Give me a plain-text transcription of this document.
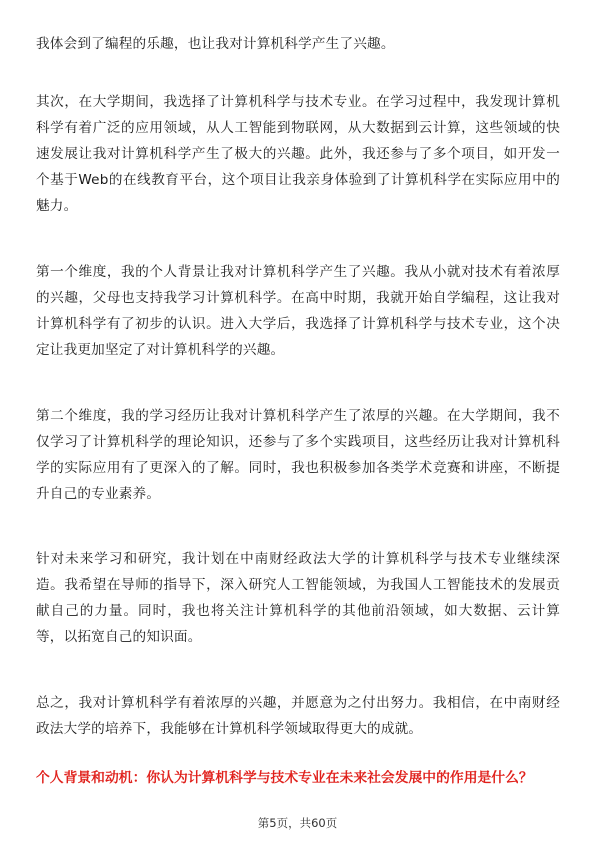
我体会到了编程的乐趣，也让我对计算机科学产生了兴趣。

其次，在大学期间，我选择了计算机科学与技术专业。在学习过程中，我发现计算机科学有着广泛的应用领域，从人工智能到物联网，从大数据到云计算，这些领域的快速发展让我对计算机科学产生了极大的兴趣。此外，我还参与了多个项目，如开发一个基于Web的在线教育平台，这个项目让我亲身体验到了计算机科学在实际应用中的魅力。

第一个维度，我的个人背景让我对计算机科学产生了兴趣。我从小就对技术有着浓厚的兴趣，父母也支持我学习计算机科学。在高中时期，我就开始自学编程，这让我对计算机科学有了初步的认识。进入大学后，我选择了计算机科学与技术专业，这个决定让我更加坚定了对计算机科学的兴趣。

第二个维度，我的学习经历让我对计算机科学产生了浓厚的兴趣。在大学期间，我不仅学习了计算机科学的理论知识，还参与了多个实践项目，这些经历让我对计算机科学的实际应用有了更深入的了解。同时，我也积极参加各类学术竞赛和讲座，不断提升自己的专业素养。

针对未来学习和研究，我计划在中南财经政法大学的计算机科学与技术专业继续深造。我希望在导师的指导下，深入研究人工智能领域，为我国人工智能技术的发展贡献自己的力量。同时，我也将关注计算机科学的其他前沿领域，如大数据、云计算等，以拓宽自己的知识面。

总之，我对计算机科学有着浓厚的兴趣，并愿意为之付出努力。我相信，在中南财经政法大学的培养下，我能够在计算机科学领域取得更大的成就。

个人背景和动机：你认为计算机科学与技术专业在未来社会发展中的作用是什么？

第5页，共60页
